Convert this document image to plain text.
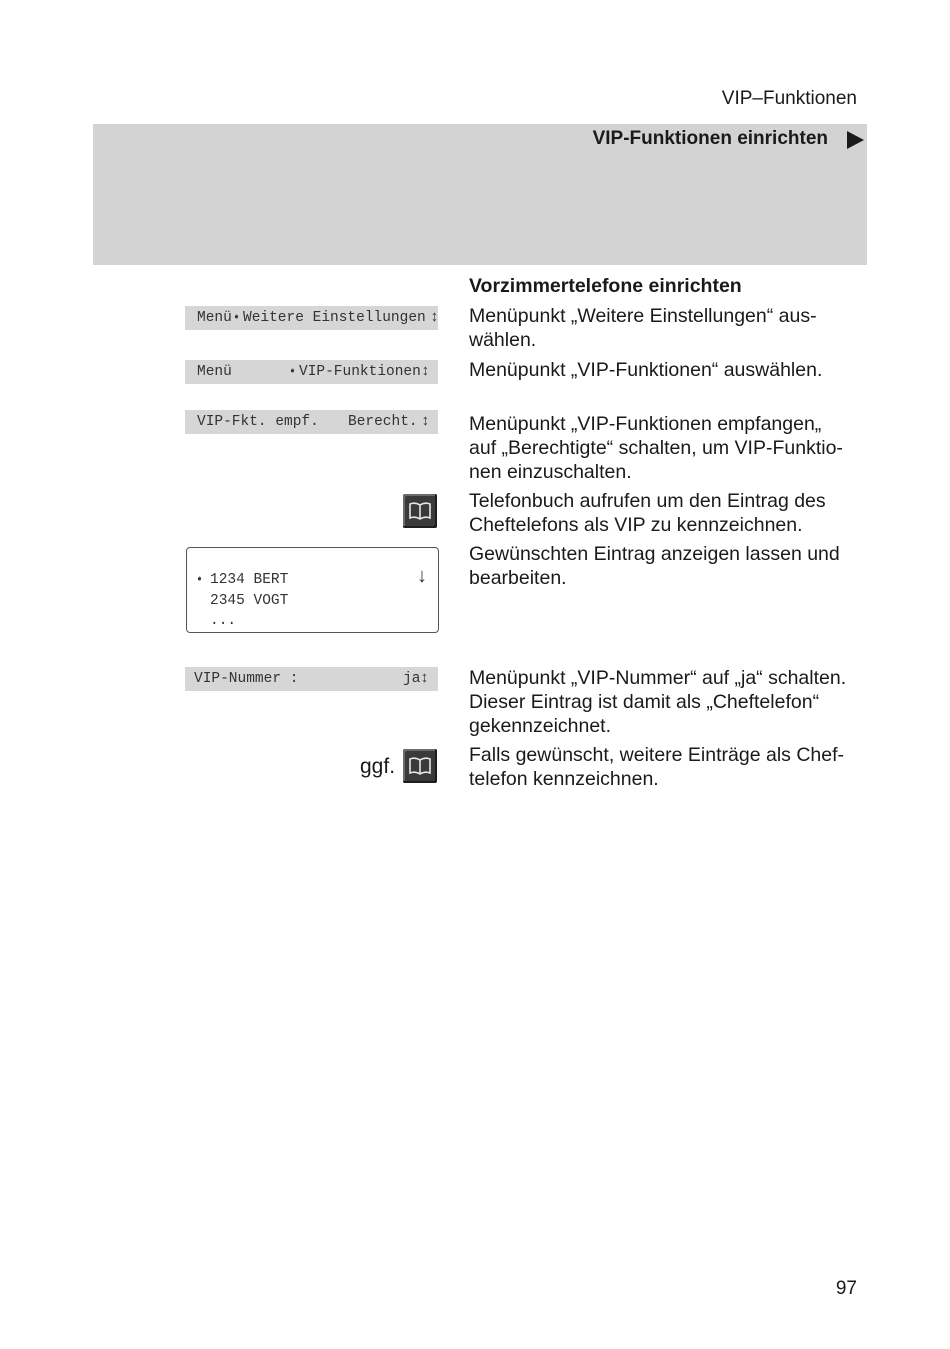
VIP–Funktionen
VIP-Funktionen einrichten

Menü

➧

Weitere Einstellungen

↕

Menü

	➧

VIP-Funktionen

↕

VIP-Fkt. empf.

Berecht.

↕

➧ 1234 BERT
2345 VOGT
...
↓

VIP-Nummer :

	ja

↕

ggf.
Vorzimmertelefone einrichten

Menüpunkt „Weitere Einstellungen“ aus-

wählen.

Menüpunkt „VIP-Funktionen“ auswählen.

Menüpunkt „VIP-Funktionen empfangen„

auf „Berechtigte“ schalten, um VIP-Funktio-

nen einzuschalten.

Telefonbuch aufrufen um den Eintrag des

Cheftelefons als VIP zu kennzeichnen.

Gewünschten Eintrag anzeigen lassen und

bearbeiten.

Menüpunkt „VIP-Nummer“ auf „ja“ schalten.

Dieser Eintrag ist damit als „Cheftelefon“

gekennzeichnet.

Falls gewünscht, weitere Einträge als Chef-

telefon kennzeichnen.

97
